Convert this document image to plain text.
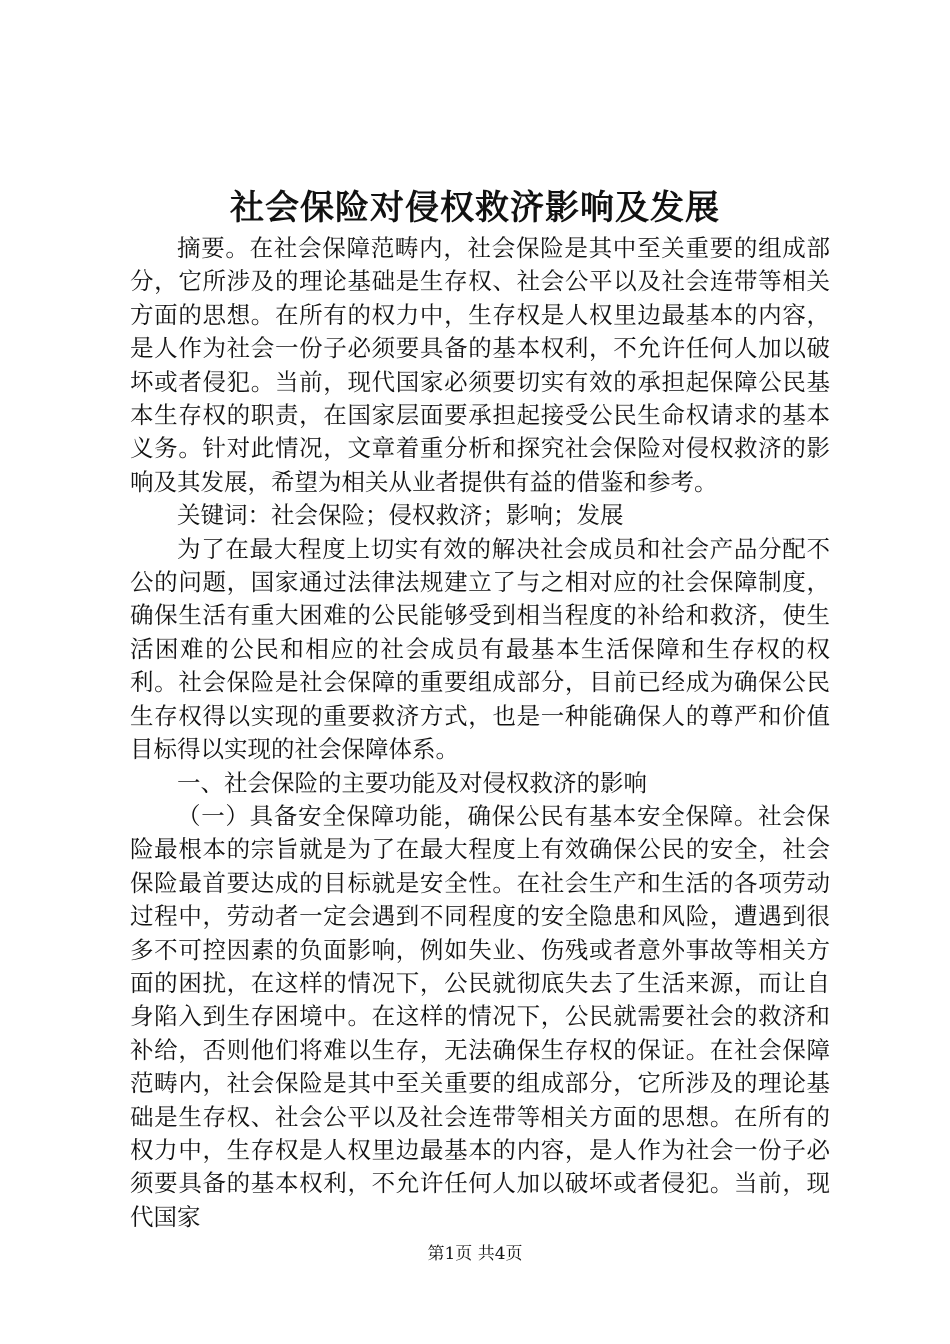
社会保险对侵权救济影响及发展

摘要。在社会保障范畴内，社会保险是其中至关重要的组成部分，它所涉及的理论基础是生存权、社会公平以及社会连带等相关方面的思想。在所有的权力中，生存权是人权里边最基本的内容，是人作为社会一份子必须要具备的基本权利，不允许任何人加以破坏或者侵犯。当前，现代国家必须要切实有效的承担起保障公民基本生存权的职责，在国家层面要承担起接受公民生命权请求的基本义务。针对此情况，文章着重分析和探究社会保险对侵权救济的影响及其发展，希望为相关从业者提供有益的借鉴和参考。

关键词：社会保险；侵权救济；影响；发展

为了在最大程度上切实有效的解决社会成员和社会产品分配不公的问题，国家通过法律法规建立了与之相对应的社会保障制度，确保生活有重大困难的公民能够受到相当程度的补给和救济，使生活困难的公民和相应的社会成员有最基本生活保障和生存权的权利。社会保险是社会保障的重要组成部分，目前已经成为确保公民生存权得以实现的重要救济方式，也是一种能确保人的尊严和价值目标得以实现的社会保障体系。

一、社会保险的主要功能及对侵权救济的影响

（一）具备安全保障功能，确保公民有基本安全保障。社会保险最根本的宗旨就是为了在最大程度上有效确保公民的安全，社会保险最首要达成的目标就是安全性。在社会生产和生活的各项劳动过程中，劳动者一定会遇到不同程度的安全隐患和风险，遭遇到很多不可控因素的负面影响，例如失业、伤残或者意外事故等相关方面的困扰，在这样的情况下，公民就彻底失去了生活来源，而让自身陷入到生存困境中。在这样的情况下，公民就需要社会的救济和补给，否则他们将难以生存，无法确保生存权的保证。在社会保障范畴内，社会保险是其中至关重要的组成部分，它所涉及的理论基础是生存权、社会公平以及社会连带等相关方面的思想。在所有的权力中，生存权是人权里边最基本的内容，是人作为社会一份子必须要具备的基本权利，不允许任何人加以破坏或者侵犯。当前，现代国家

第1页 共4页
